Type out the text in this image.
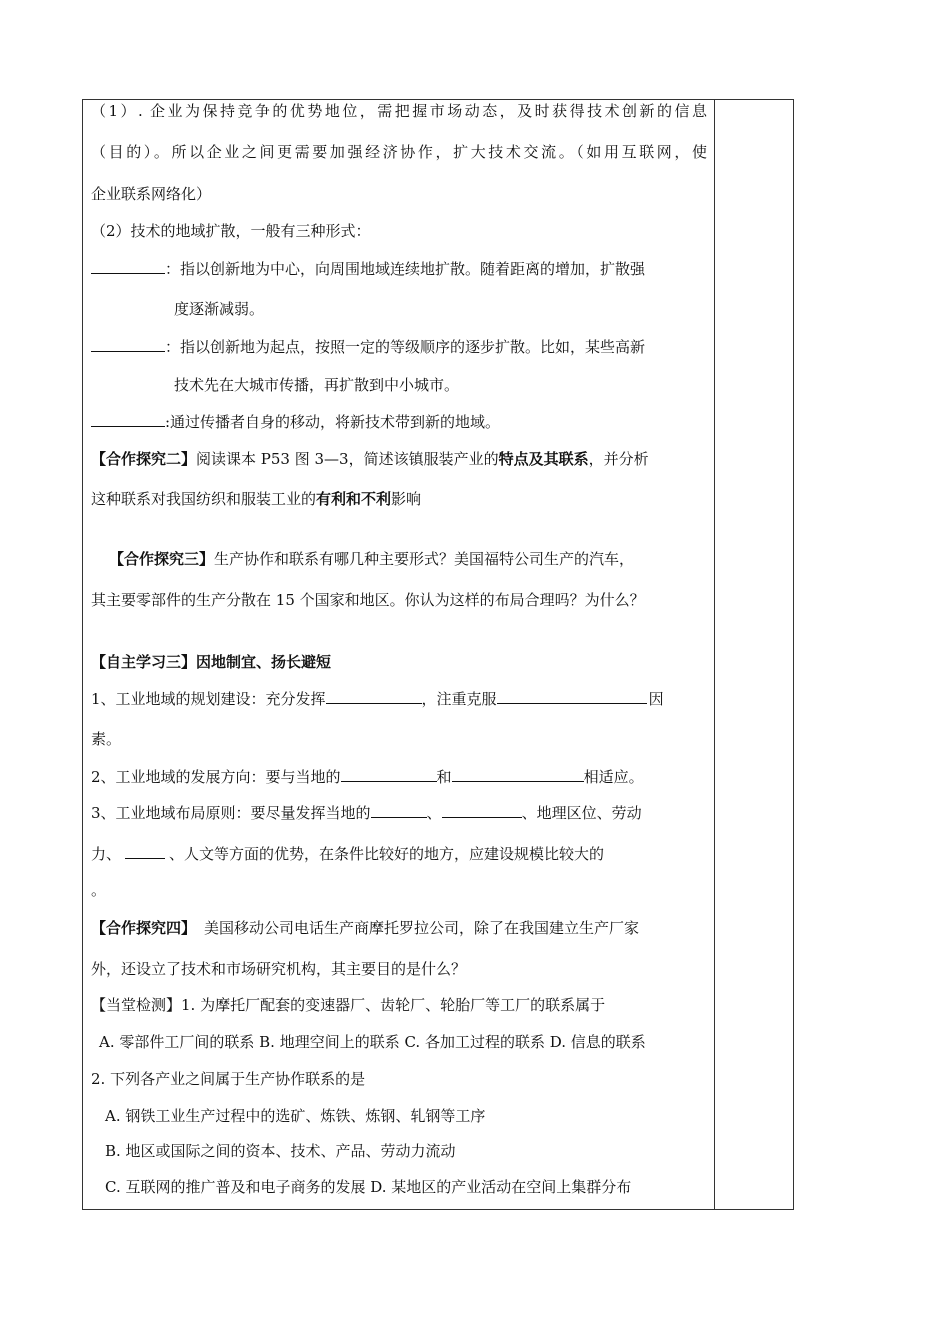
（1）. 企业为保持竞争的优势地位，需把握市场动态，及时获得技术创新的信息
（目的）。所以企业之间更需要加强经济协作，扩大技术交流。（如用互联网，使
企业联系网络化）
（2）技术的地域扩散，一般有三种形式：
：指以创新地为中心，向周围地域连续地扩散。随着距离的增加，扩散强
度逐渐减弱。
：指以创新地为起点，按照一定的等级顺序的逐步扩散。比如，某些高新
技术先在大城市传播，再扩散到中小城市。
:通过传播者自身的移动，将新技术带到新的地域。
【合作探究二】阅读课本 P53 图 3—3，简述该镇服装产业的特点及其联系，并分析
这种联系对我国纺织和服装工业的有利和不利影响
【合作探究三】生产协作和联系有哪几种主要形式？美国福特公司生产的汽车，
其主要零部件的生产分散在 15 个国家和地区。你认为这样的布局合理吗？为什么？
【自主学习三】因地制宜、扬长避短
1、工业地域的规划建设：充分发挥	，注重克服	因
素。
2、工业地域的发展方向：要与当地的	和	相适应。
3、工业地域布局原则：要尽量发挥当地的	、	、地理区位、劳动
力、	、人文等方面的优势，在条件比较好的地方，应建设规模比较大的
。
【合作探究四】 美国移动公司电话生产商摩托罗拉公司，除了在我国建立生产厂家
外，还设立了技术和市场研究机构，其主要目的是什么？
【当堂检测】1. 为摩托厂配套的变速器厂、齿轮厂、轮胎厂等工厂的联系属于
A. 零部件工厂间的联系 B. 地理空间上的联系 C. 各加工过程的联系 D. 信息的联系
2. 下列各产业之间属于生产协作联系的是
A. 钢铁工业生产过程中的选矿、炼铁、炼钢、轧钢等工序
B. 地区或国际之间的资本、技术、产品、劳动力流动
C. 互联网的推广普及和电子商务的发展 D. 某地区的产业活动在空间上集群分布
